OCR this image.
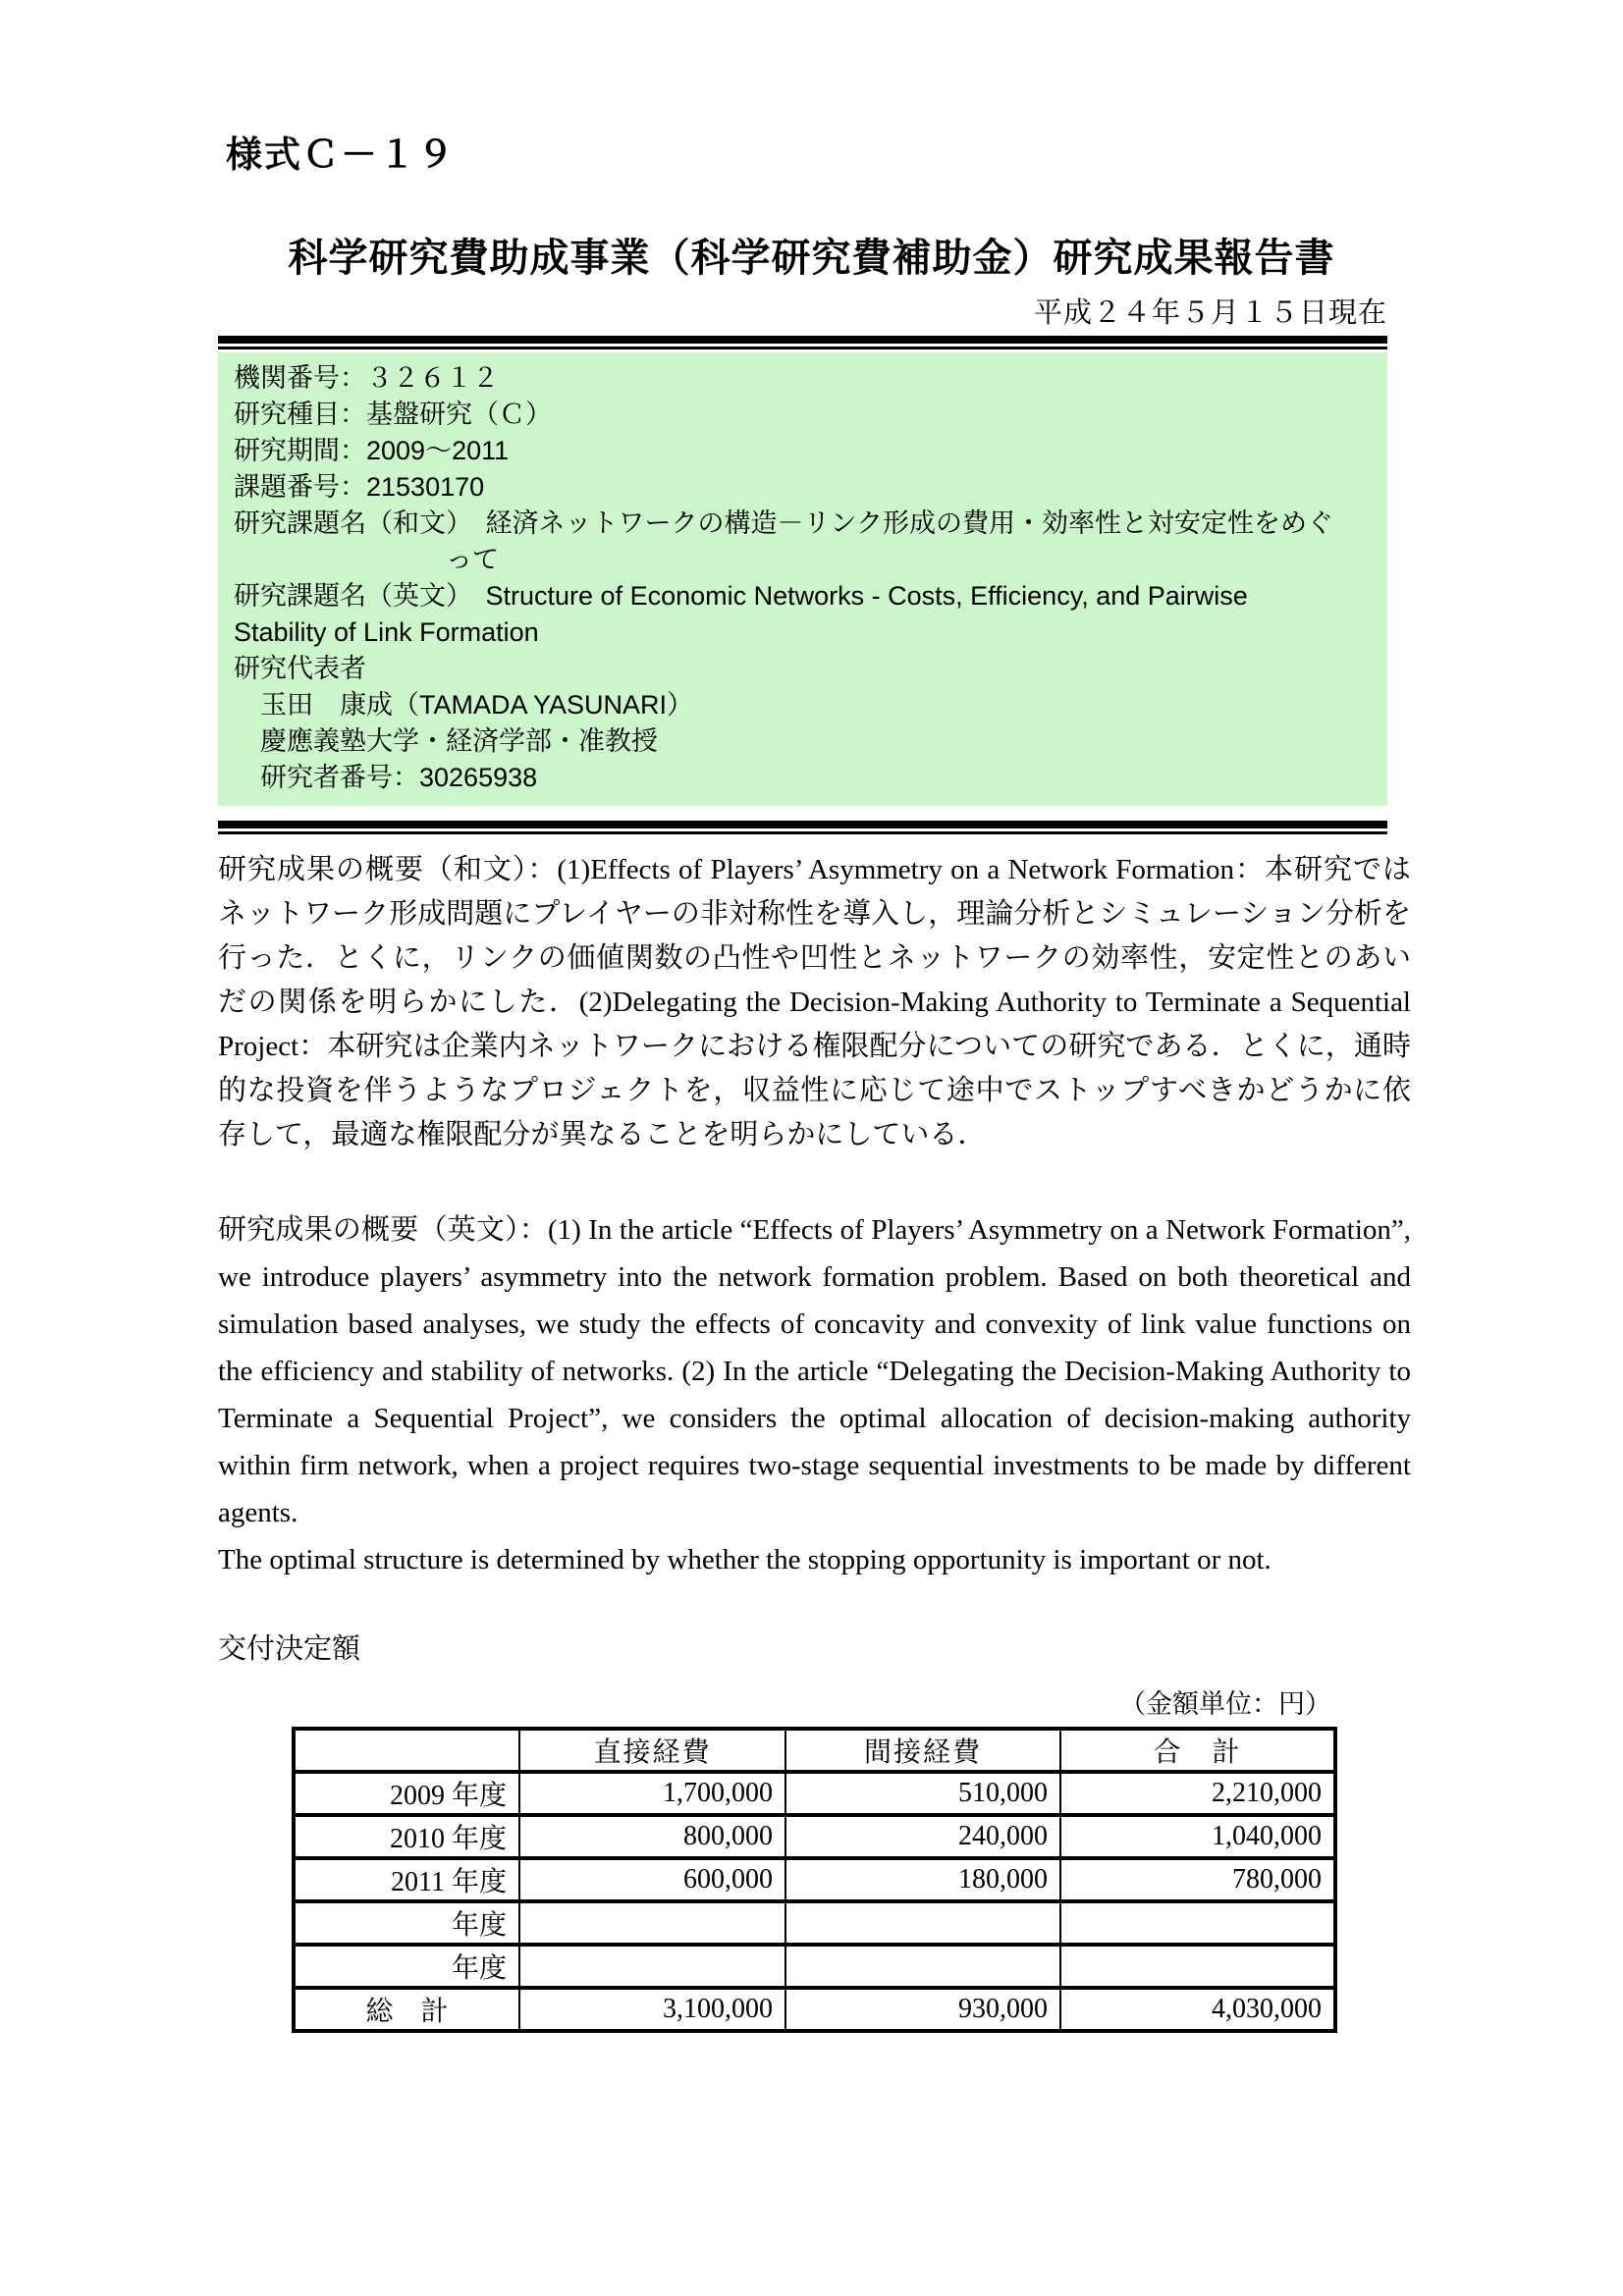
様式Ｃ－１９
科学研究費助成事業（科学研究費補助金）研究成果報告書
平成２４年５月１５日現在
機関番号：３２６１２
研究種目：基盤研究（Ｃ）
研究期間：2009～2011
課題番号：21530170
研究課題名（和文）　経済ネットワークの構造－リンク形成の費用・効率性と対安定性をめぐ
　　　　　　　　って
研究課題名（英文）　Structure of Economic Networks - Costs, Efficiency, and Pairwise
Stability of Link Formation
研究代表者
　玉田　康成（TAMADA YASUNARI）
　慶應義塾大学・経済学部・准教授
　研究者番号：30265938

研究成果の概要（和文）：(1)Effects of Players’ Asymmetry on a Network Formation：本研究ではネットワーク形成問題にプレイヤーの非対称性を導入し，理論分析とシミュレーション分析を行った．とくに，リンクの価値関数の凸性や凹性とネットワークの効率性，安定性とのあいだの関係を明らかにした．(2)Delegating the Decision-Making Authority to Terminate a Sequential Project：本研究は企業内ネットワークにおける権限配分についての研究である．とくに，通時的な投資を伴うようなプロジェクトを，収益性に応じて途中でストップすべきかどうかに依存して，最適な権限配分が異なることを明らかにしている．

研究成果の概要（英文）：(1) In the article “Effects of Players’ Asymmetry on a Network Formation”, we introduce players’ asymmetry into the network formation problem. Based on both theoretical and simulation based analyses, we study the effects of concavity and convexity of link value functions on the efficiency and stability of networks. (2) In the article “Delegating the Decision-Making Authority to Terminate a Sequential Project”, we considers the optimal allocation of decision-making authority within firm network, when a project requires two-stage sequential investments to be made by different agents.

The optimal structure is determined by whether the stopping opportunity is important or not.

交付決定額
（金額単位：円）
	直接経費	間接経費	合　計
2009 年度	1,700,000	510,000	2,210,000
2010 年度	800,000	240,000	1,040,000
2011 年度	600,000	180,000	780,000
年度			
年度			
総　計	3,100,000	930,000	4,030,000
